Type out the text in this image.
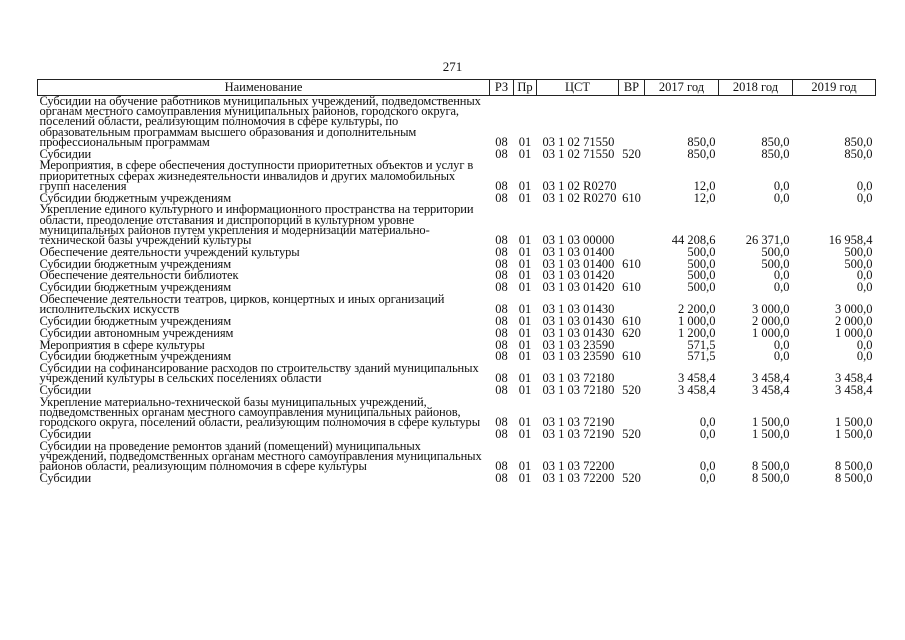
271
Наименование	РЗ	Пр	ЦСТ	ВР	2017 год	2018 год	2019 год
Субсидии на обучение работников муниципальных учреждений, подведомственных органам местного самоуправления муниципальных районов, городского округа, поселений области, реализующим полномочия в сфере культуры, по образовательным программам высшего образования и дополнительным профессиональным программам	08	01	03 1 02 71550		850,0	850,0	850,0
Субсидии	08	01	03 1 02 71550	520	850,0	850,0	850,0
Мероприятия, в сфере обеспечения доступности приоритетных объектов и услуг в приоритетных сферах жизнедеятельности инвалидов и других маломобильных групп населения	08	01	03 1 02 R0270		12,0	0,0	0,0
Субсидии бюджетным учреждениям	08	01	03 1 02 R0270	610	12,0	0,0	0,0
Укрепление единого культурного и информационного пространства на территории области, преодоление отставания и диспропорций в культурном уровне муниципальных районов путем укрепления и модернизации материально-технической базы учреждений культуры	08	01	03 1 03 00000		44 208,6	26 371,0	16 958,4
Обеспечение деятельности учреждений культуры	08	01	03 1 03 01400		500,0	500,0	500,0
Субсидии бюджетным учреждениям	08	01	03 1 03 01400	610	500,0	500,0	500,0
Обеспечение деятельности библиотек	08	01	03 1 03 01420		500,0	0,0	0,0
Субсидии бюджетным учреждениям	08	01	03 1 03 01420	610	500,0	0,0	0,0
Обеспечение деятельности театров, цирков, концертных и иных организаций исполнительских искусств	08	01	03 1 03 01430		2 200,0	3 000,0	3 000,0
Субсидии бюджетным учреждениям	08	01	03 1 03 01430	610	1 000,0	2 000,0	2 000,0
Субсидии автономным учреждениям	08	01	03 1 03 01430	620	1 200,0	1 000,0	1 000,0
Мероприятия в сфере культуры	08	01	03 1 03 23590		571,5	0,0	0,0
Субсидии бюджетным учреждениям	08	01	03 1 03 23590	610	571,5	0,0	0,0
Субсидии на софинансирование расходов по строительству зданий муниципальных учреждений культуры в сельских поселениях области	08	01	03 1 03 72180		3 458,4	3 458,4	3 458,4
Субсидии	08	01	03 1 03 72180	520	3 458,4	3 458,4	3 458,4
Укрепление материально-технической базы муниципальных учреждений, подведомственных органам местного самоуправления муниципальных районов, городского округа, поселений области, реализующим полномочия в сфере культуры	08	01	03 1 03 72190		0,0	1 500,0	1 500,0
Субсидии	08	01	03 1 03 72190	520	0,0	1 500,0	1 500,0
Субсидии на проведение ремонтов зданий (помещений) муниципальных учреждений, подведомственных органам местного самоуправления муниципальных районов области, реализующим полномочия в сфере культуры	08	01	03 1 03 72200		0,0	8 500,0	8 500,0
Субсидии	08	01	03 1 03 72200	520	0,0	8 500,0	8 500,0
